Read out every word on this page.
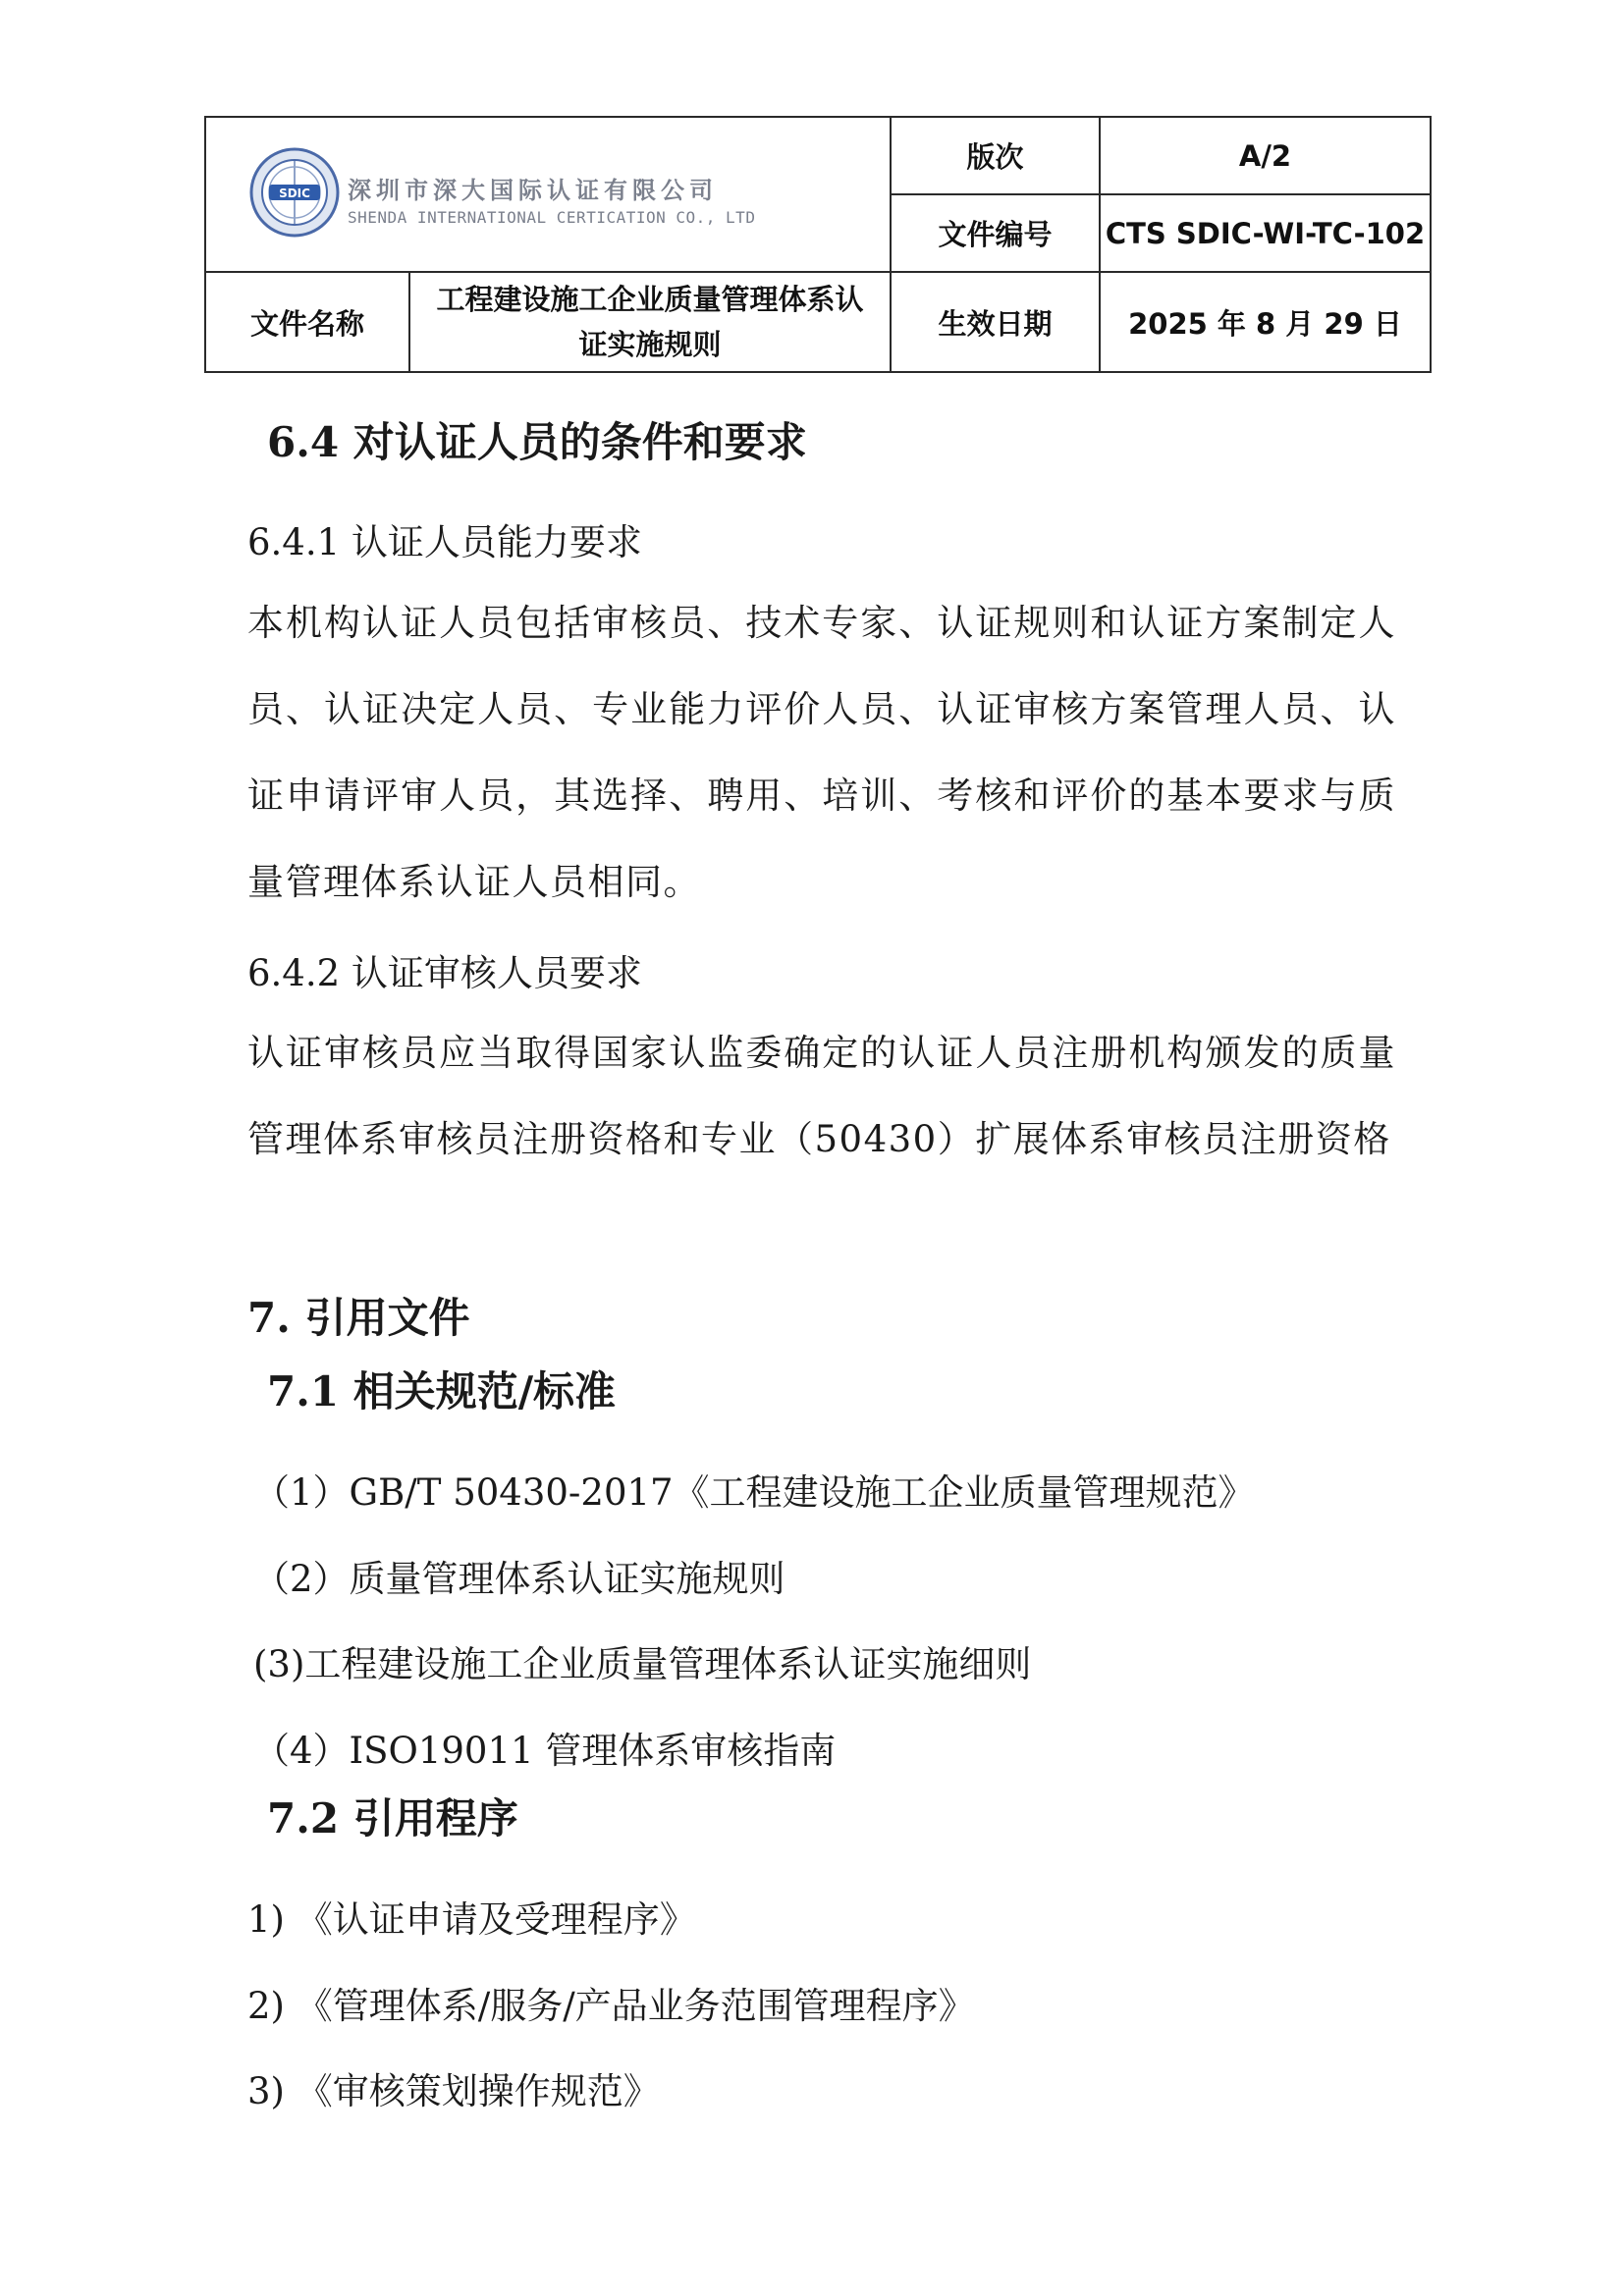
SDIC 深圳市深大国际认证有限公司
SHENDA INTERNATIONAL CERTICATION CO., LTD		版次	A/2
		文件编号	CTS SDIC-WI-TC-102
文件名称	工程建设施工企业质量管理体系认证实施规则	生效日期	2025 年 8 月 29 日
6.4 对认证人员的条件和要求
6.4.1 认证人员能力要求
本机构认证人员包括审核员、技术专家、认证规则和认证方案制定人员、认证决定人员、专业能力评价人员、认证审核方案管理人员、认证申请评审人员，其选择、聘用、培训、考核和评价的基本要求与质量管理体系认证人员相同。
6.4.2 认证审核人员要求
认证审核员应当取得国家认监委确定的认证人员注册机构颁发的质量管理体系审核员注册资格和专业（50430）扩展体系审核员注册资格
7. 引用文件
7.1 相关规范/标准
（1）GB/T 50430-2017《工程建设施工企业质量管理规范》
（2）质量管理体系认证实施规则
(3)工程建设施工企业质量管理体系认证实施细则
（4）ISO19011 管理体系审核指南
7.2 引用程序
1) 《认证申请及受理程序》
2) 《管理体系/服务/产品业务范围管理程序》
3) 《审核策划操作规范》
